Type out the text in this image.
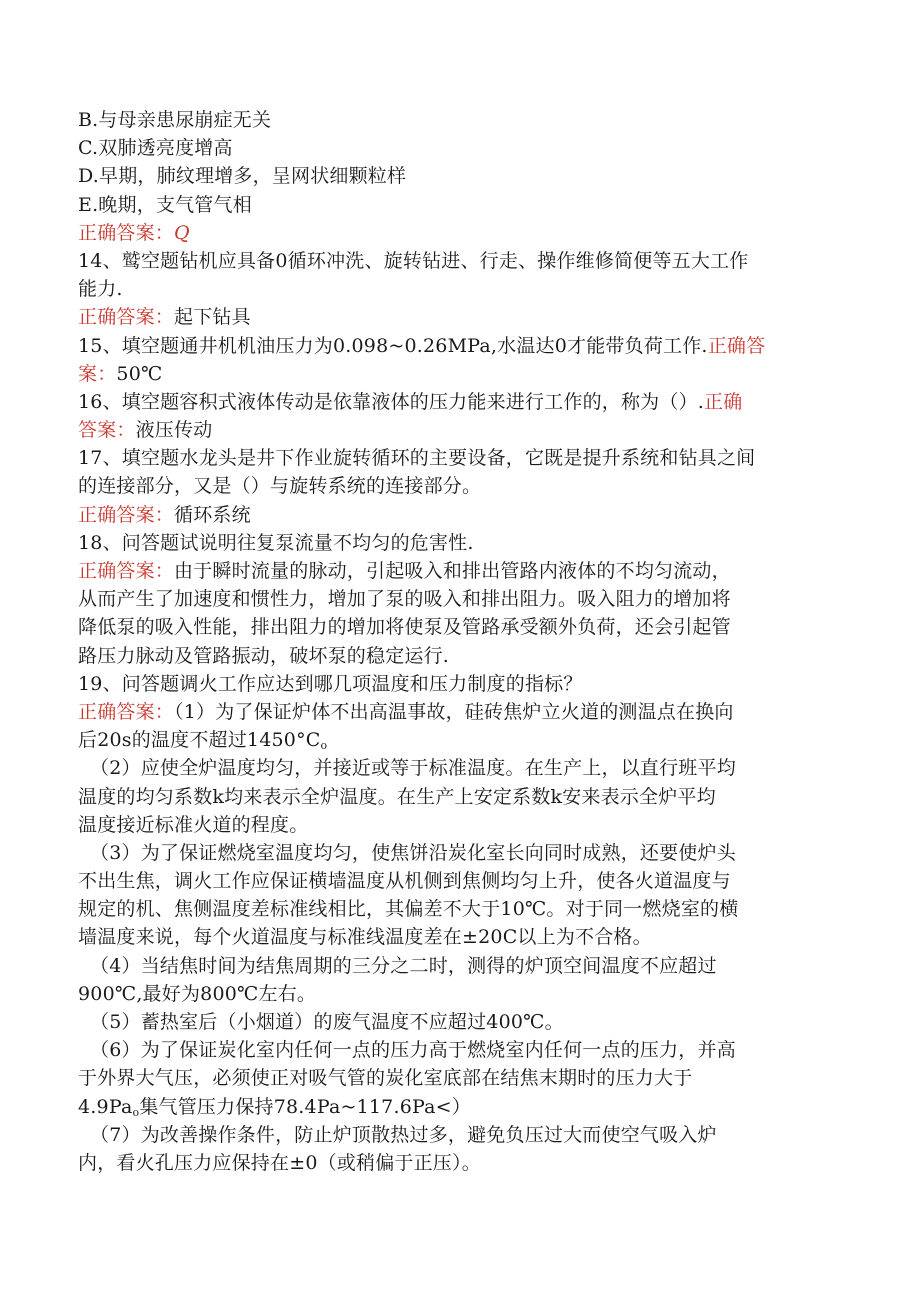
B.与母亲患尿崩症无关
C.双肺透亮度增高
D.早期，肺纹理增多，呈网状细颗粒样
E.晚期，支气管气相
正确答案：Q
14、鹫空题钻机应具备0循环冲洗、旋转钻进、行走、操作维修简便等五大工作
能力.
正确答案：起下钻具
15、填空题通井机机油压力为0.098~0.26MPa,水温达0才能带负荷工作.正确答
案：50℃
16、填空题容积式液体传动是依靠液体的压力能来进行工作的，称为（）.正确
答案：液压传动
17、填空题水龙头是井下作业旋转循环的主要设备，它既是提升系统和钻具之间
的连接部分，又是（）与旋转系统的连接部分。
正确答案：循环系统
18、问答题试说明往复泵流量不均匀的危害性.
正确答案：由于瞬时流量的脉动，引起吸入和排出管路内液体的不均匀流动，
从而产生了加速度和惯性力，增加了泵的吸入和排出阻力。吸入阻力的增加将
降低泵的吸入性能，排出阻力的增加将使泵及管路承受额外负荷，还会引起管
路压力脉动及管路振动，破坏泵的稳定运行.
19、问答题调火工作应达到哪几项温度和压力制度的指标？
正确答案：（1）为了保证炉体不出高温事故，硅砖焦炉立火道的测温点在换向
后20s的温度不超过$1450^\circ C_o$
（2）应使全炉温度均匀，并接近或等于标准温度。在生产上，以直行班平均
温度的均匀系数k均来表示全炉温度。在生产上安定系数k安来表示全炉平均
温度接近标准火道的程度。
（3）为了保证燃烧室温度均匀，使焦饼沿炭化室长向同时成熟，还要使炉头
不出生焦，调火工作应保证横墙温度从机侧到焦侧均匀上升，使各火道温度与
规定的机、焦侧温度差标准线相比，其偏差不大于10℃。对于同一燃烧室的横
墙温度来说，每个火道温度与标准线温度差在±20C以上为不合格。
（4）当结焦时间为结焦周期的三分之二时，测得的炉顶空间温度不应超过
900℃,最好为800℃左右。
（5）蓄热室后（小烟道）的废气温度不应超过400℃。
（6）为了保证炭化室内任何一点的压力高于燃烧室内任何一点的压力，并高
于外界大气压，必须使正对吸气管的炭化室底部在结焦末期时的压力大于
$4.9Pa_o$集气管压力保持78.4Pa~117.6Pa<）
（7）为改善操作条件，防止炉顶散热过多，避免负压过大而使空气吸入炉
内，看火孔压力应保持在±0（或稍偏于正压）。
